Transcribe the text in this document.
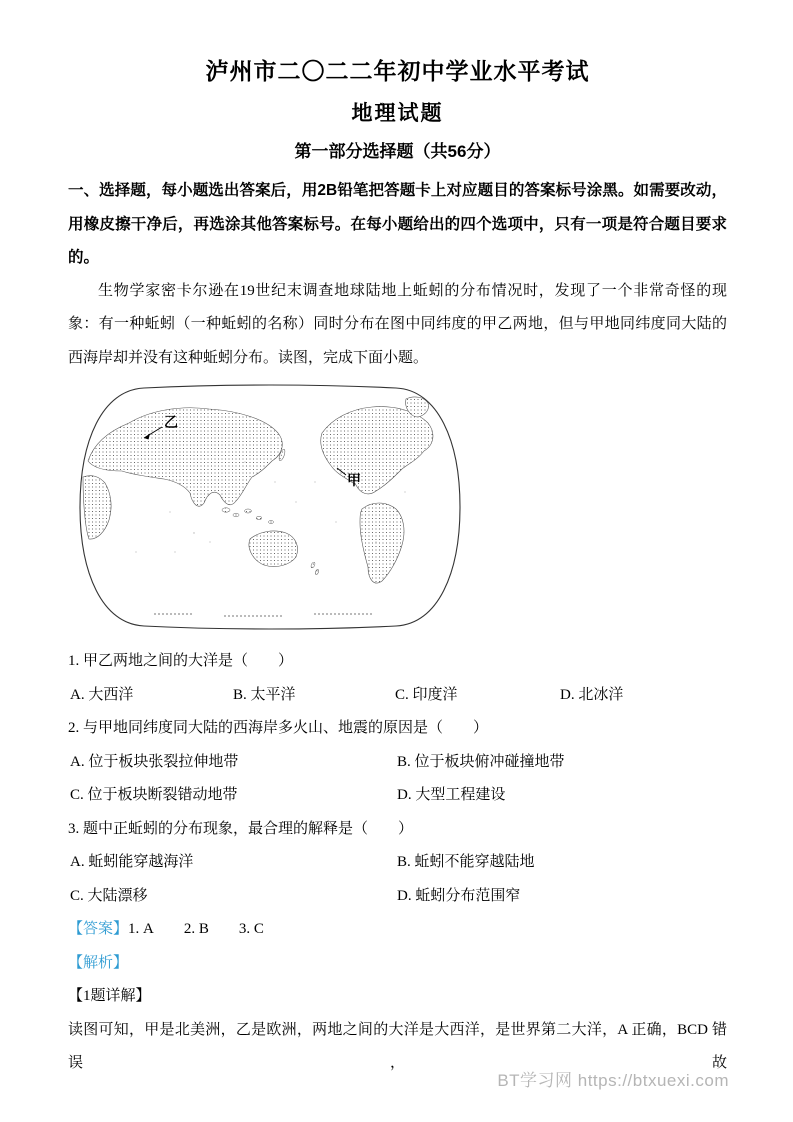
泸州市二〇二二年初中学业水平考试
地理试题
第一部分选择题（共56分）

一、选择题，每小题选出答案后，用2B铅笔把答题卡上对应题目的答案标号涂黑。如需要改动，用橡皮擦干净后，再选涂其他答案标号。在每小题给出的四个选项中，只有一项是符合题目要求的。

生物学家密卡尔逊在19世纪末调查地球陆地上蚯蚓的分布情况时，发现了一个非常奇怪的现象：有一种蚯蚓（一种蚯蚓的名称）同时分布在图中同纬度的甲乙两地，但与甲地同纬度同大陆的西海岸却并没有这种蚯蚓分布。读图，完成下面小题。

乙
甲

1. 甲乙两地之间的大洋是（　　）

A. 大西洋	B. 太平洋	C. 印度洋	D. 北冰洋

2. 与甲地同纬度同大陆的西海岸多火山、地震的原因是（　　）

A. 位于板块张裂拉伸地带	B. 位于板块俯冲碰撞地带
C. 位于板块断裂错动地带	D. 大型工程建设

3. 题中正蚯蚓的分布现象，最合理的解释是（　　）

A. 蚯蚓能穿越海洋	B. 蚯蚓不能穿越陆地
C. 大陆漂移	D. 蚯蚓分布范围窄
【答案】1. A  2. B  3. C
【解析】
【1题详解】

读图可知，甲是北美洲，乙是欧洲，两地之间的大洋是大西洋，是世界第二大洋，A 正确，BCD 错误，故

BT学习网 https://btxuexi.com
